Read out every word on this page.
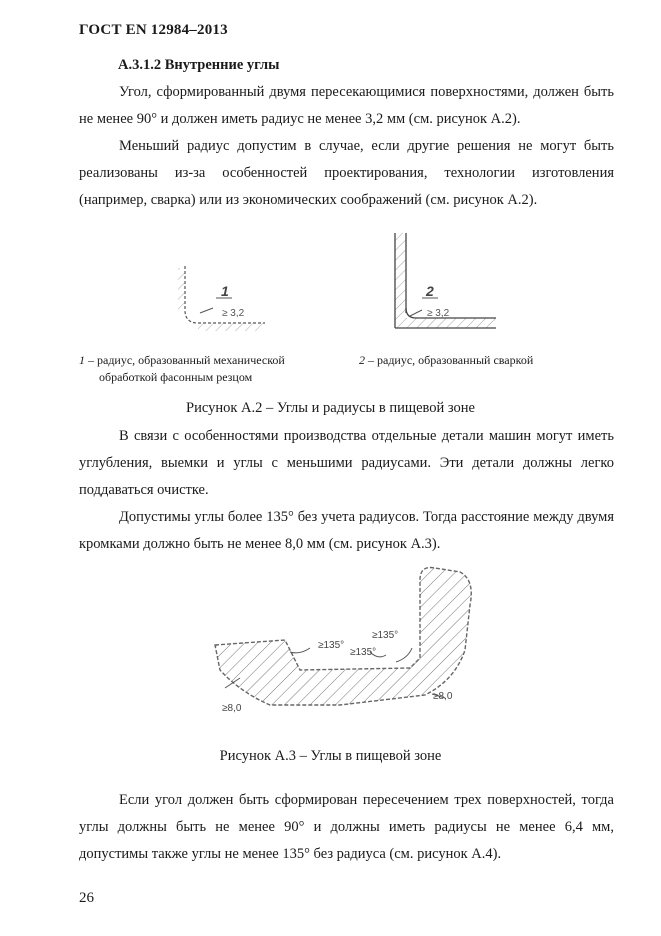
ГОСТ EN 12984–2013
А.3.1.2 Внутренние углы
Угол, сформированный двумя пересекающимися поверхностями, должен быть не менее 90° и должен иметь радиус не менее 3,2 мм (см. рисунок А.2).
Меньший радиус допустим в случае, если другие решения не могут быть реализованы из-за особенностей проектирования, технологии изготовления (например, сварка) или из экономических соображений (см. рисунок А.2).
1
≥ 3,2
2
≥ 3,2
1 – радиус, образованный механической
обработкой фасонным резцом
2 – радиус, образованный сваркой
Рисунок А.2 – Углы и радиусы в пищевой зоне
В связи с особенностями производства отдельные детали машин могут иметь углубления, выемки и углы с меньшими радиусами. Эти детали должны легко поддаваться очистке.
Допустимы углы более 135° без учета радиусов. Тогда расстояние между двумя кромками должно быть не менее 8,0 мм (см. рисунок А.3).
≥135°
≥135°
≥135°
≥8,0
≥8,0
Рисунок А.3 – Углы в пищевой зоне
Если угол должен быть сформирован пересечением трех поверхностей, тогда углы должны быть не менее 90° и должны иметь радиусы не менее 6,4 мм, допустимы также углы не менее 135° без радиуса (см. рисунок А.4).
26
